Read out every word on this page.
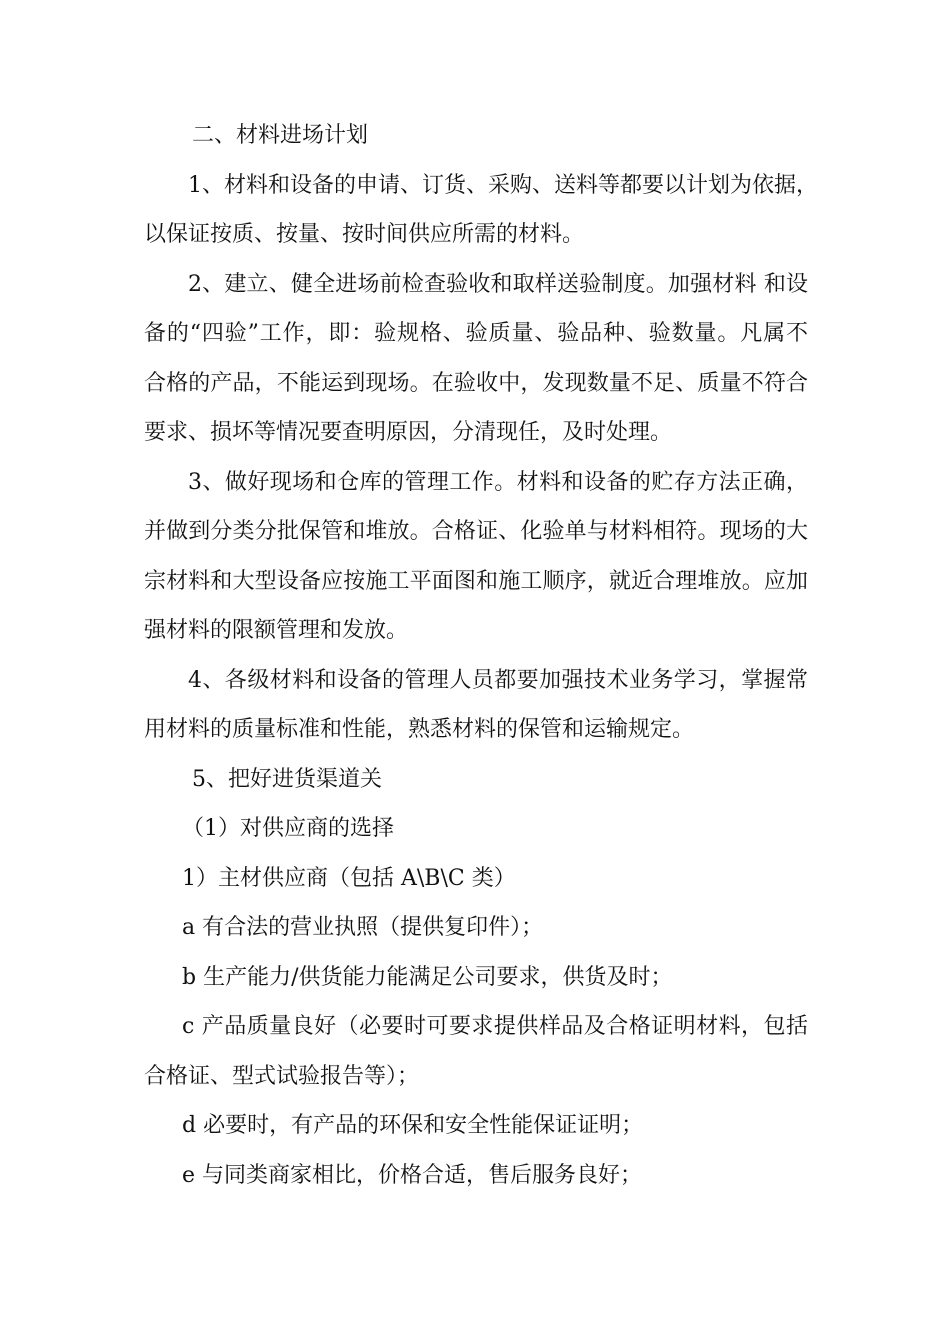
二、材料进场计划

1、材料和设备的申请、订货、采购、送料等都要以计划为依据，
以保证按质、按量、按时间供应所需的材料。
2、建立、健全进场前检查验收和取样送验制度。加强材料 和设
备的“四验”工作，即：验规格、验质量、验品种、验数量。凡属不
合格的产品，不能运到现场。在验收中，发现数量不足、质量不符合
要求、损坏等情况要查明原因，分清现任，及时处理。
3、做好现场和仓库的管理工作。材料和设备的贮存方法正确，
并做到分类分批保管和堆放。合格证、化验单与材料相符。现场的大
宗材料和大型设备应按施工平面图和施工顺序，就近合理堆放。应加
强材料的限额管理和发放。
4、各级材料和设备的管理人员都要加强技术业务学习，掌握常
用材料的质量标准和性能，熟悉材料的保管和运输规定。

5、把好进货渠道关

（1）对供应商的选择

1）主材供应商（包括 A\B\C 类）

a 有合法的营业执照（提供复印件）；

b 生产能力/供货能力能满足公司要求，供货及时；

c 产品质量良好（必要时可要求提供样品及合格证明材料，包括
合格证、型式试验报告等）；

d 必要时，有产品的环保和安全性能保证证明；

e 与同类商家相比，价格合适，售后服务良好；
